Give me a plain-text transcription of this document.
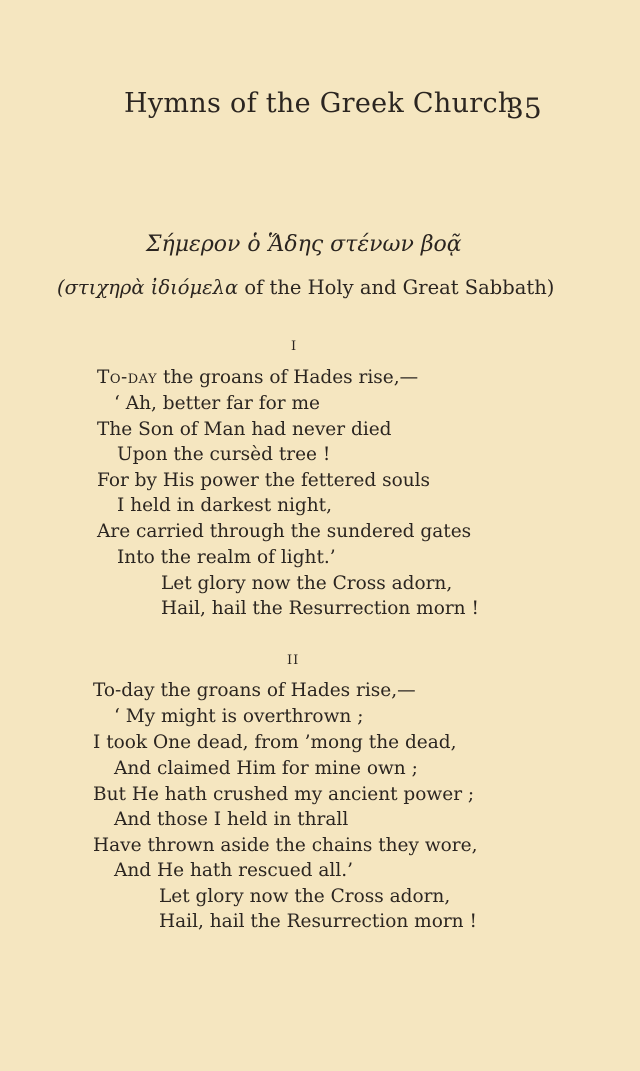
Hymns of the Greek Church
35
Σήμερον ὁ Ἅδης στένων βοᾷ
(στιχηρὰ ἰδιόμελα of the Holy and Great Sabbath)
I
To-day the groans of Hades rise,—
‘ Ah, better far for me
The Son of Man had never died
Upon the cursèd tree !
For by His power the fettered souls
I held in darkest night,
Are carried through the sundered gates
Into the realm of light.’
Let glory now the Cross adorn,
Hail, hail the Resurrection morn !
II
To-day the groans of Hades rise,—
‘ My might is overthrown ;
I took One dead, from ’mong the dead,
And claimed Him for mine own ;
But He hath crushed my ancient power ;
And those I held in thrall
Have thrown aside the chains they wore,
And He hath rescued all.’
Let glory now the Cross adorn,
Hail, hail the Resurrection morn !
